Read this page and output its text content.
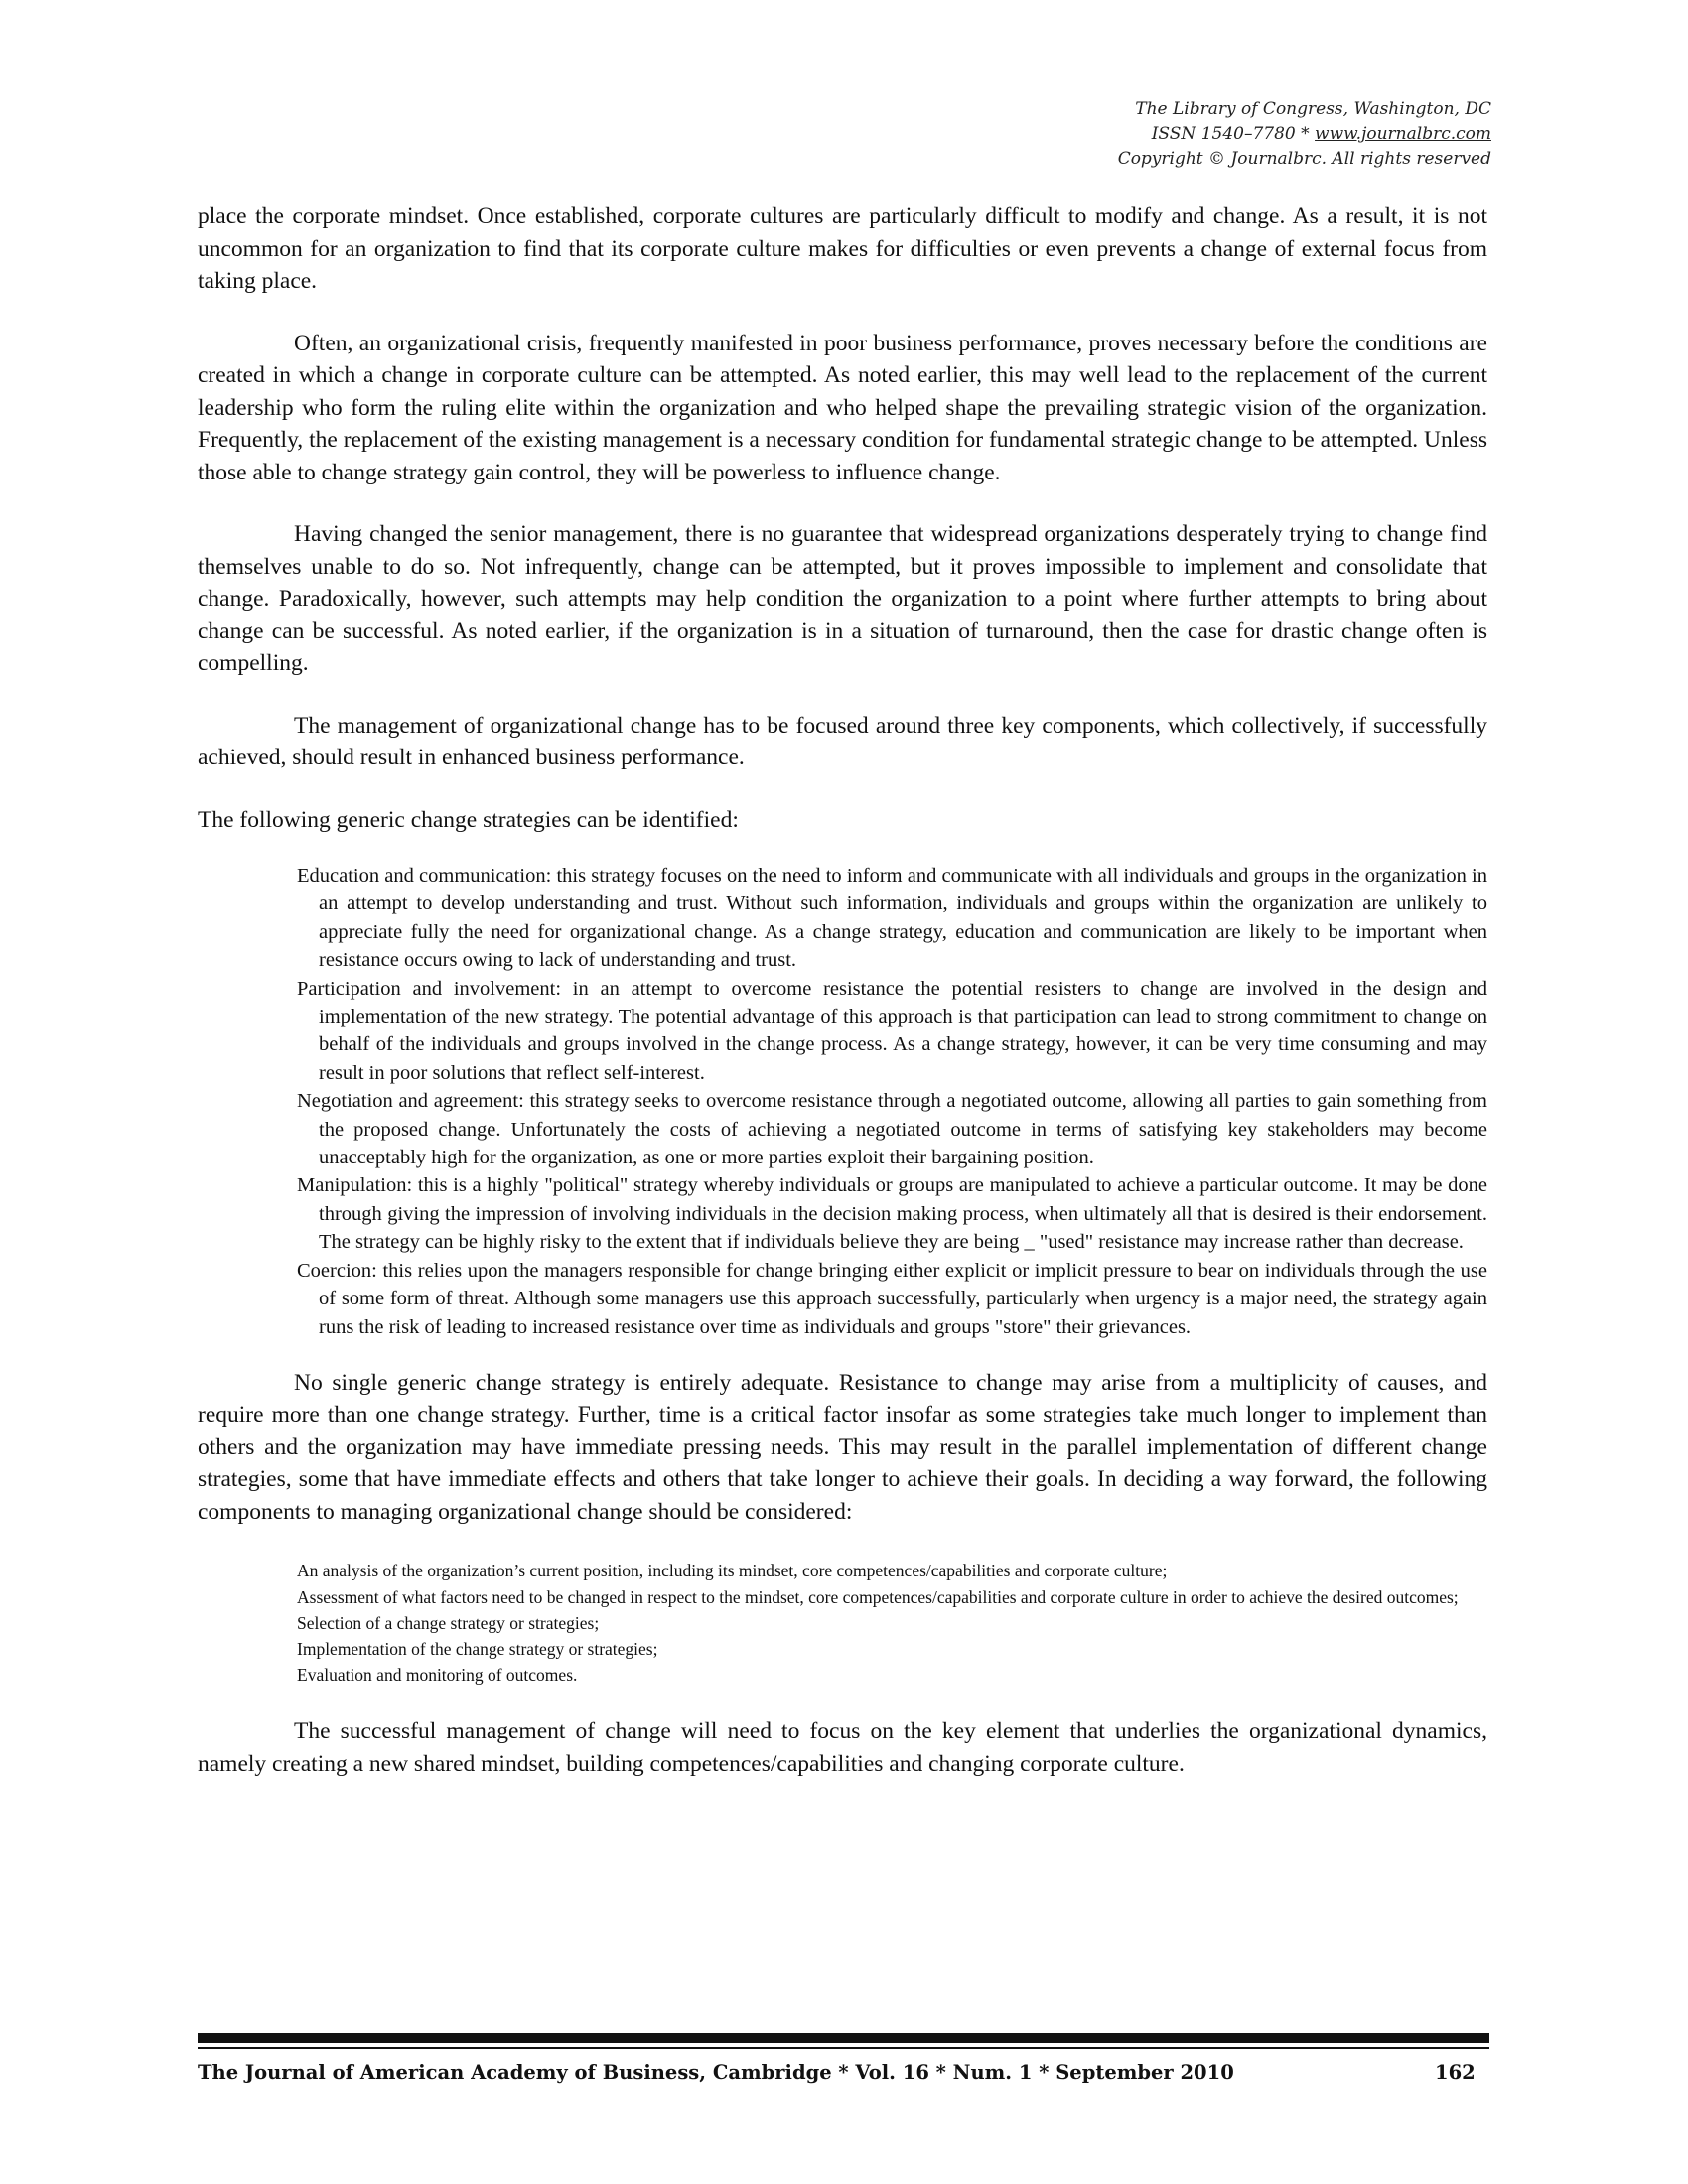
The Library of Congress, Washington, DC
ISSN 1540–7780 * www.journalbrc.com
Copyright © Journalbrc. All rights reserved

place the corporate mindset. Once established, corporate cultures are particularly difficult to modify and change. As a result, it is not uncommon for an organization to find that its corporate culture makes for difficulties or even prevents a change of external focus from taking place.

Often, an organizational crisis, frequently manifested in poor business performance, proves necessary before the conditions are created in which a change in corporate culture can be attempted. As noted earlier, this may well lead to the replacement of the current leadership who form the ruling elite within the organization and who helped shape the prevailing strategic vision of the organization. Frequently, the replacement of the existing management is a necessary condition for fundamental strategic change to be attempted. Unless those able to change strategy gain control, they will be powerless to influence change.

Having changed the senior management, there is no guarantee that widespread organizations desperately trying to change find themselves unable to do so. Not infrequently, change can be attempted, but it proves impossible to implement and consolidate that change. Paradoxically, however, such attempts may help condition the organization to a point where further attempts to bring about change can be successful. As noted earlier, if the organization is in a situation of turnaround, then the case for drastic change often is compelling.

The management of organizational change has to be focused around three key components, which collectively, if successfully achieved, should result in enhanced business performance.

The following generic change strategies can be identified:

Education and communication: this strategy focuses on the need to inform and communicate with all individuals and groups in the organization in an attempt to develop understanding and trust. Without such information, individuals and groups within the organization are unlikely to appreciate fully the need for organizational change. As a change strategy, education and communication are likely to be important when resistance occurs owing to lack of understanding and trust.
Participation and involvement: in an attempt to overcome resistance the potential resisters to change are involved in the design and implementation of the new strategy. The potential advantage of this approach is that participation can lead to strong commitment to change on behalf of the individuals and groups involved in the change process. As a change strategy, however, it can be very time consuming and may result in poor solutions that reflect self-interest.
Negotiation and agreement: this strategy seeks to overcome resistance through a negotiated outcome, allowing all parties to gain something from the proposed change. Unfortunately the costs of achieving a negotiated outcome in terms of satisfying key stakeholders may become unacceptably high for the organization, as one or more parties exploit their bargaining position.
Manipulation: this is a highly "political" strategy whereby individuals or groups are manipulated to achieve a particular outcome. It may be done through giving the impression of involving individuals in the decision making process, when ultimately all that is desired is their endorsement. The strategy can be highly risky to the extent that if individuals believe they are being _ "used" resistance may increase rather than decrease.
Coercion: this relies upon the managers responsible for change bringing either explicit or implicit pressure to bear on individuals through the use of some form of threat. Although some managers use this approach successfully, particularly when urgency is a major need, the strategy again runs the risk of leading to increased resistance over time as individuals and groups "store" their grievances.

No single generic change strategy is entirely adequate. Resistance to change may arise from a multiplicity of causes, and require more than one change strategy. Further, time is a critical factor insofar as some strategies take much longer to implement than others and the organization may have immediate pressing needs. This may result in the parallel implementation of different change strategies, some that have immediate effects and others that take longer to achieve their goals. In deciding a way forward, the following components to managing organizational change should be considered:

An analysis of the organization’s current position, including its mindset, core competences/capabilities and corporate culture;
Assessment of what factors need to be changed in respect to the mindset, core competences/capabilities and corporate culture in order to achieve the desired outcomes;
Selection of a change strategy or strategies;
Implementation of the change strategy or strategies;
Evaluation and monitoring of outcomes.

The successful management of change will need to focus on the key element that underlies the organizational dynamics, namely creating a new shared mindset, building competences/capabilities and changing corporate culture.

The Journal of American Academy of Business, Cambridge * Vol. 16 * Num. 1 * September 2010	162
